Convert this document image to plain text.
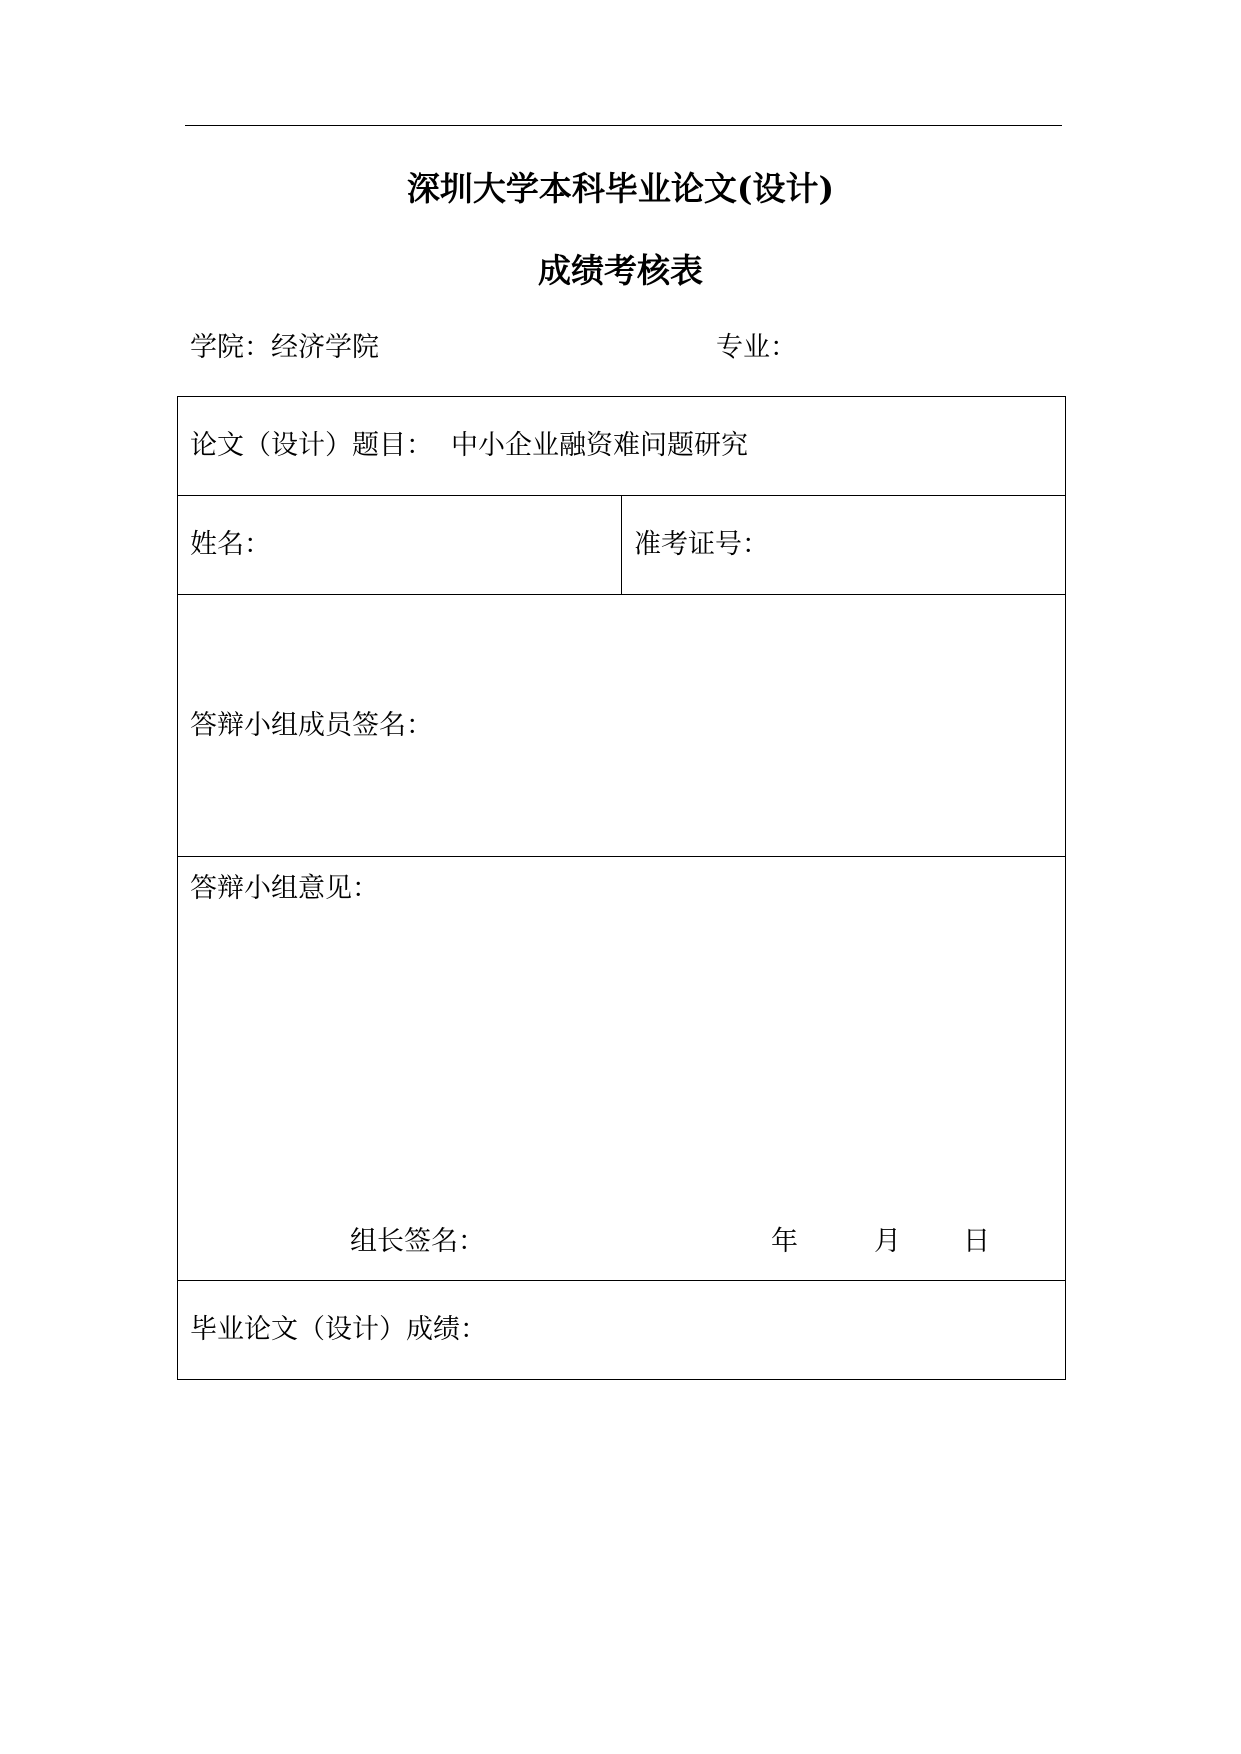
深圳大学本科毕业论文(设计)
成绩考核表
学院：经济学院	专业：
论文（设计）题目： 中小企业融资难问题研究
姓名：	准考证号：
答辩小组成员签名：

答辩小组意见：
组长签名：	年	月 日

毕业论文（设计）成绩：
